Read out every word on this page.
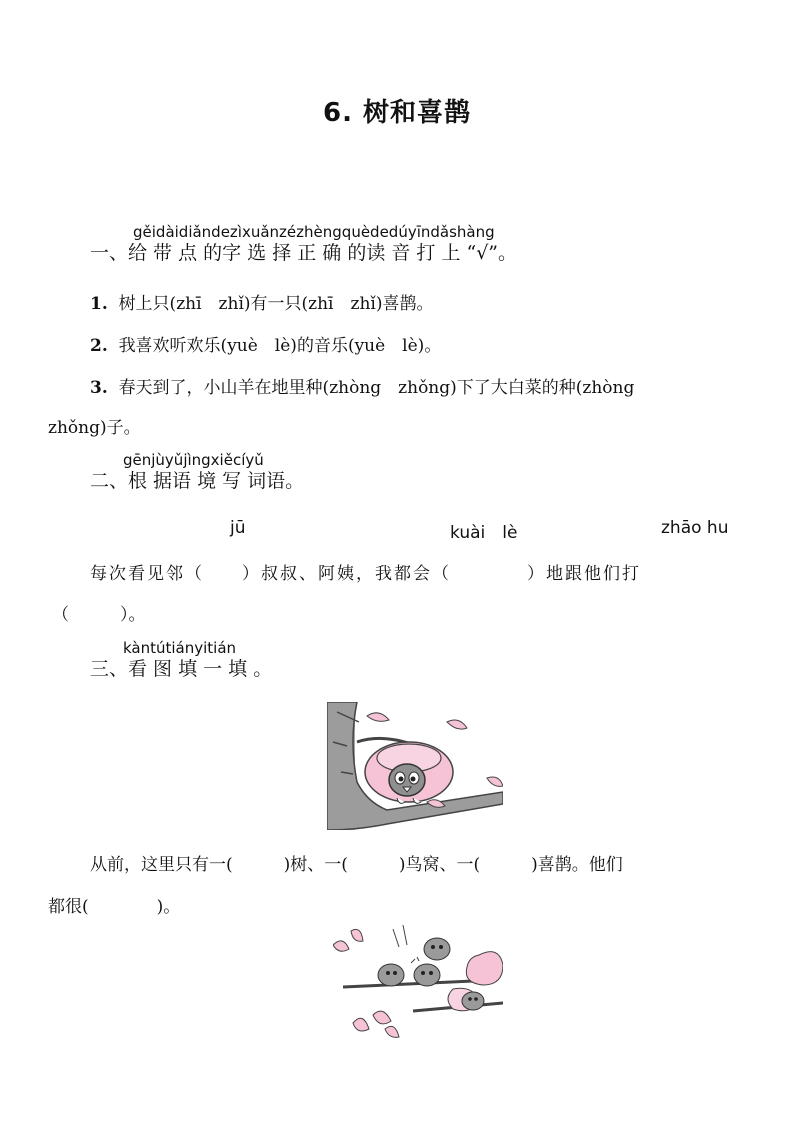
6. 树和喜鹊
gěidàidiǎndezìxuǎnzézhèngquèdedúyīndǎshàng
一、给 带 点 的字 选 择 正 确 的读 音 打 上 “√”。
1. 树上只(zhī　zhǐ)有一只(zhī　zhǐ)喜鹊。
2. 我喜欢听欢乐(yuè　lè)的音乐(yuè　lè)。
3. 春天到了，小山羊在地里种(zhòng　zhǒng)下了大白菜的种(zhòng
zhǒng)子。
gēnjùyǔjìngxiěcíyǔ
二、根 据语 境 写 词语。
jū	kuài　lè	zhāo hu
每次看见邻（　　）叔叔、阿姨，我都会（　　　　）地跟他们打
（　　　）。
kàntútiányitián
三、看 图 填 一 填 。
从前，这里只有一(　　　)树、一(　　　)鸟窝、一(　　　)喜鹊。他们
都很(　　　　)。
